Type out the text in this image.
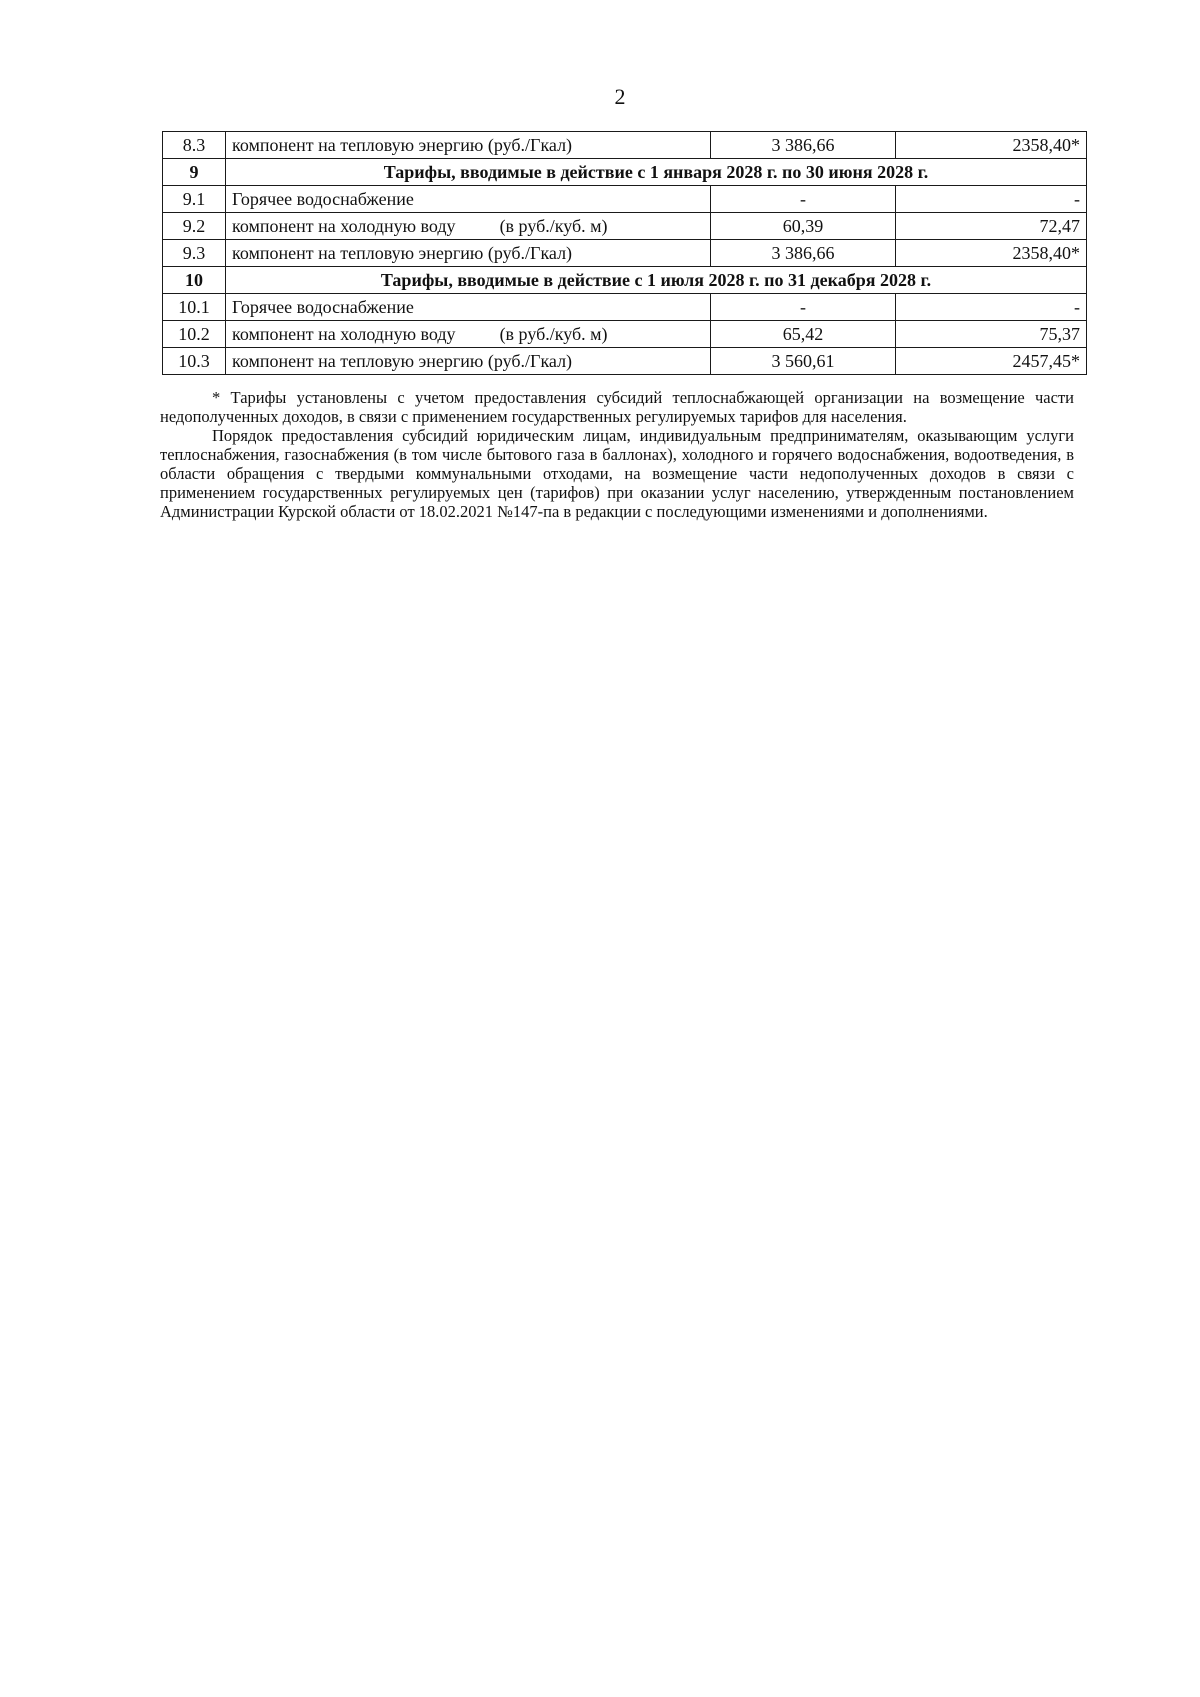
2
8.3	компонент на тепловую энергию (руб./Гкал)	3 386,66	2358,40*
9	Тарифы, вводимые в действие с 1 января 2028 г. по 30 июня 2028 г.		
9.1	Горячее водоснабжение	-	-
9.2	компонент на холодную воду (в руб./куб. м)	60,39	72,47
9.3	компонент на тепловую энергию (руб./Гкал)	3 386,66	2358,40*
10	Тарифы, вводимые в действие с 1 июля 2028 г. по 31 декабря 2028 г.		
10.1	Горячее водоснабжение	-	-
10.2	компонент на холодную воду (в руб./куб. м)	65,42	75,37
10.3	компонент на тепловую энергию (руб./Гкал)	3 560,61	2457,45*

* Тарифы установлены с учетом предоставления субсидий теплоснабжающей организации на возмещение части недополученных доходов, в связи с применением государственных регулируемых тарифов для населения.

Порядок предоставления субсидий юридическим лицам, индивидуальным предпринимателям, оказывающим услуги теплоснабжения, газоснабжения (в том числе бытового газа в баллонах), холодного и горячего водоснабжения, водоотведения, в области обращения с твердыми коммунальными отходами, на возмещение части недополученных доходов в связи с применением государственных регулируемых цен (тарифов) при оказании услуг населению, утвержденным постановлением Администрации Курской области от 18.02.2021 №147-па в редакции с последующими изменениями и дополнениями.
